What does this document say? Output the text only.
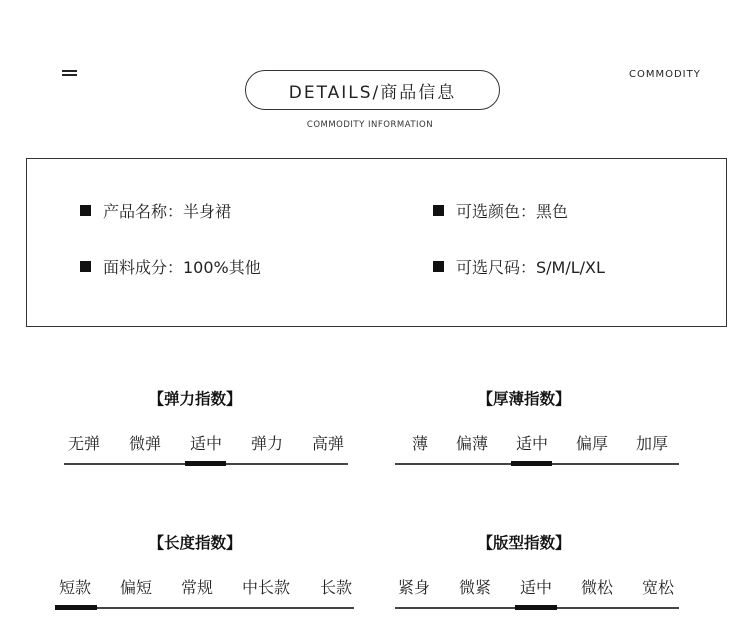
COMMODITY
DETAILS/商品信息
COMMODITY INFORMATION
产品名称：半身裙	可选颜色：黑色
面料成分：100%其他	可选尺码：S/M/L/XL
【弹力指数】
无弹 微弹 适中 弹力 高弹
【厚薄指数】
薄 偏薄 适中 偏厚 加厚
【长度指数】
短款 偏短 常规 中长款 长款
【版型指数】
紧身 微紧 适中 微松 宽松
